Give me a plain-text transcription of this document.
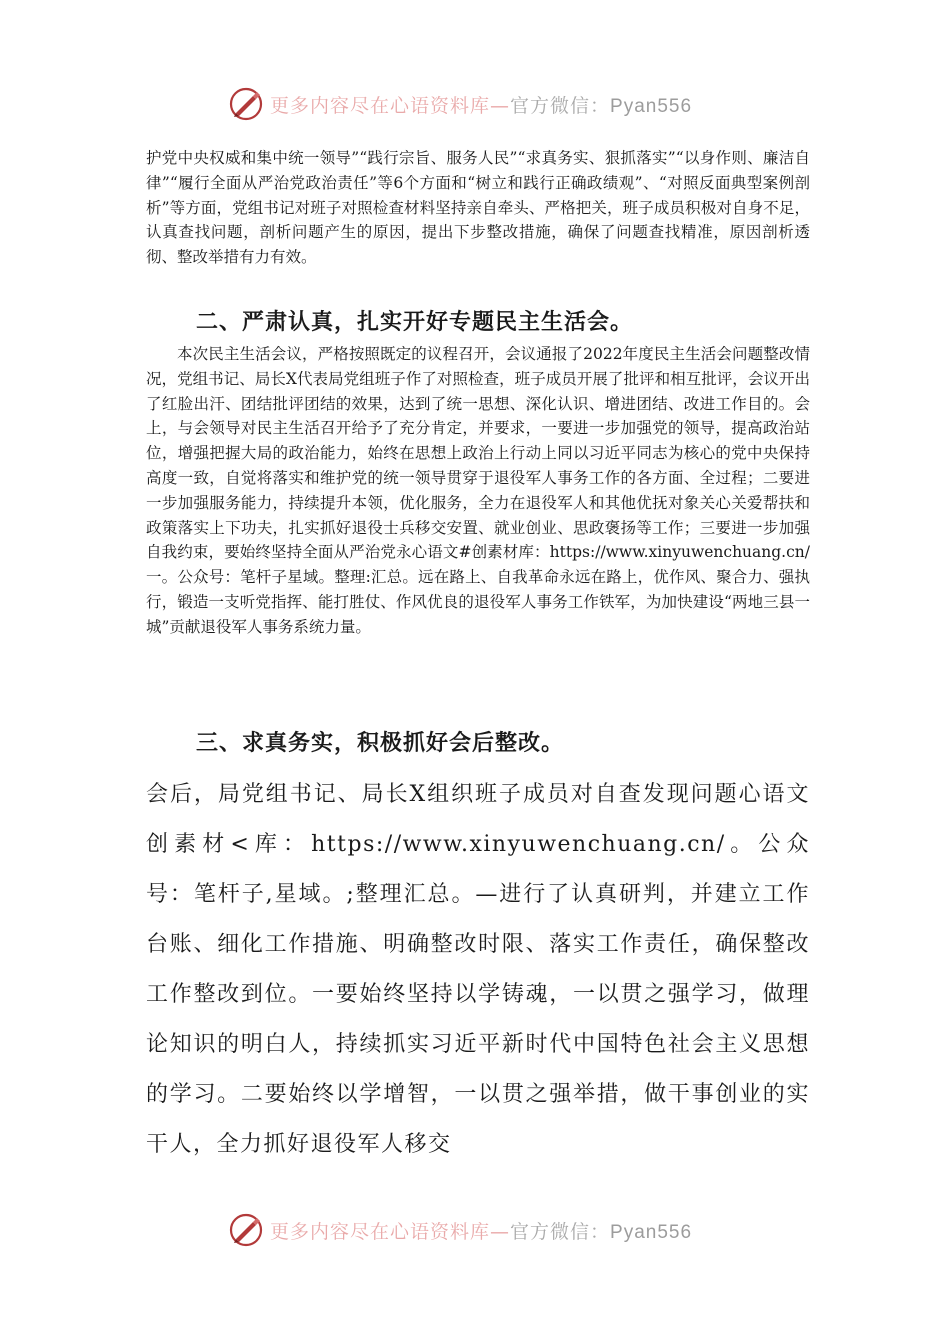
更多内容尽在心语资料库—官方微信：Pyan556

护党中央权威和集中统一领导”“践行宗旨、服务人民”“求真务实、狠抓落实”“以身作则、廉洁自律”“履行全面从严治党政治责任”等6个方面和“树立和践行正确政绩观”、“对照反面典型案例剖析”等方面，党组书记对班子对照检查材料坚持亲自牵头、严格把关，班子成员积极对自身不足，认真查找问题，剖析问题产生的原因，提出下步整改措施，确保了问题查找精准，原因剖析透彻、整改举措有力有效。

二、严肃认真，扎实开好专题民主生活会。

本次民主生活会议，严格按照既定的议程召开，会议通报了2022年度民主生活会问题整改情况，党组书记、局长X代表局党组班子作了对照检查，班子成员开展了批评和相互批评，会议开出了红脸出汗、团结批评团结的效果，达到了统一思想、深化认识、增进团结、改进工作目的。会上，与会领导对民主生活召开给予了充分肯定，并要求，一要进一步加强党的领导，提高政治站位，增强把握大局的政治能力，始终在思想上政治上行动上同以习近平同志为核心的党中央保持高度一致，自觉将落实和维护党的统一领导贯穿于退役军人事务工作的各方面、全过程；二要进一步加强服务能力，持续提升本领，优化服务，全力在退役军人和其他优抚对象关心关爱帮扶和政策落实上下功夫，扎实抓好退役士兵移交安置、就业创业、思政褒扬等工作；三要进一步加强自我约束，要始终坚持全面从严治党永心语文#创素材库：https://www.xinyuwenchuang.cn/一。公众号：笔杆子星域。整理:汇总。远在路上、自我革命永远在路上，优作风、聚合力、强执行，锻造一支听党指挥、能打胜仗、作风优良的退役军人事务工作铁军，为加快建设“两地三县一城”贡献退役军人事务系统力量。

三、求真务实，积极抓好会后整改。

会后，局党组书记、局长X组织班子成员对自查发现问题心语文创素材<库：https://www.xinyuwenchuang.cn/。公众号：笔杆子,星域。;整理汇总。—进行了认真研判，并建立工作台账、细化工作措施、明确整改时限、落实工作责任，确保整改工作整改到位。一要始终坚持以学铸魂，一以贯之强学习，做理论知识的明白人，持续抓实习近平新时代中国特色社会主义思想的学习。二要始终以学增智，一以贯之强举措，做干事创业的实干人，全力抓好退役军人移交

更多内容尽在心语资料库—官方微信：Pyan556
